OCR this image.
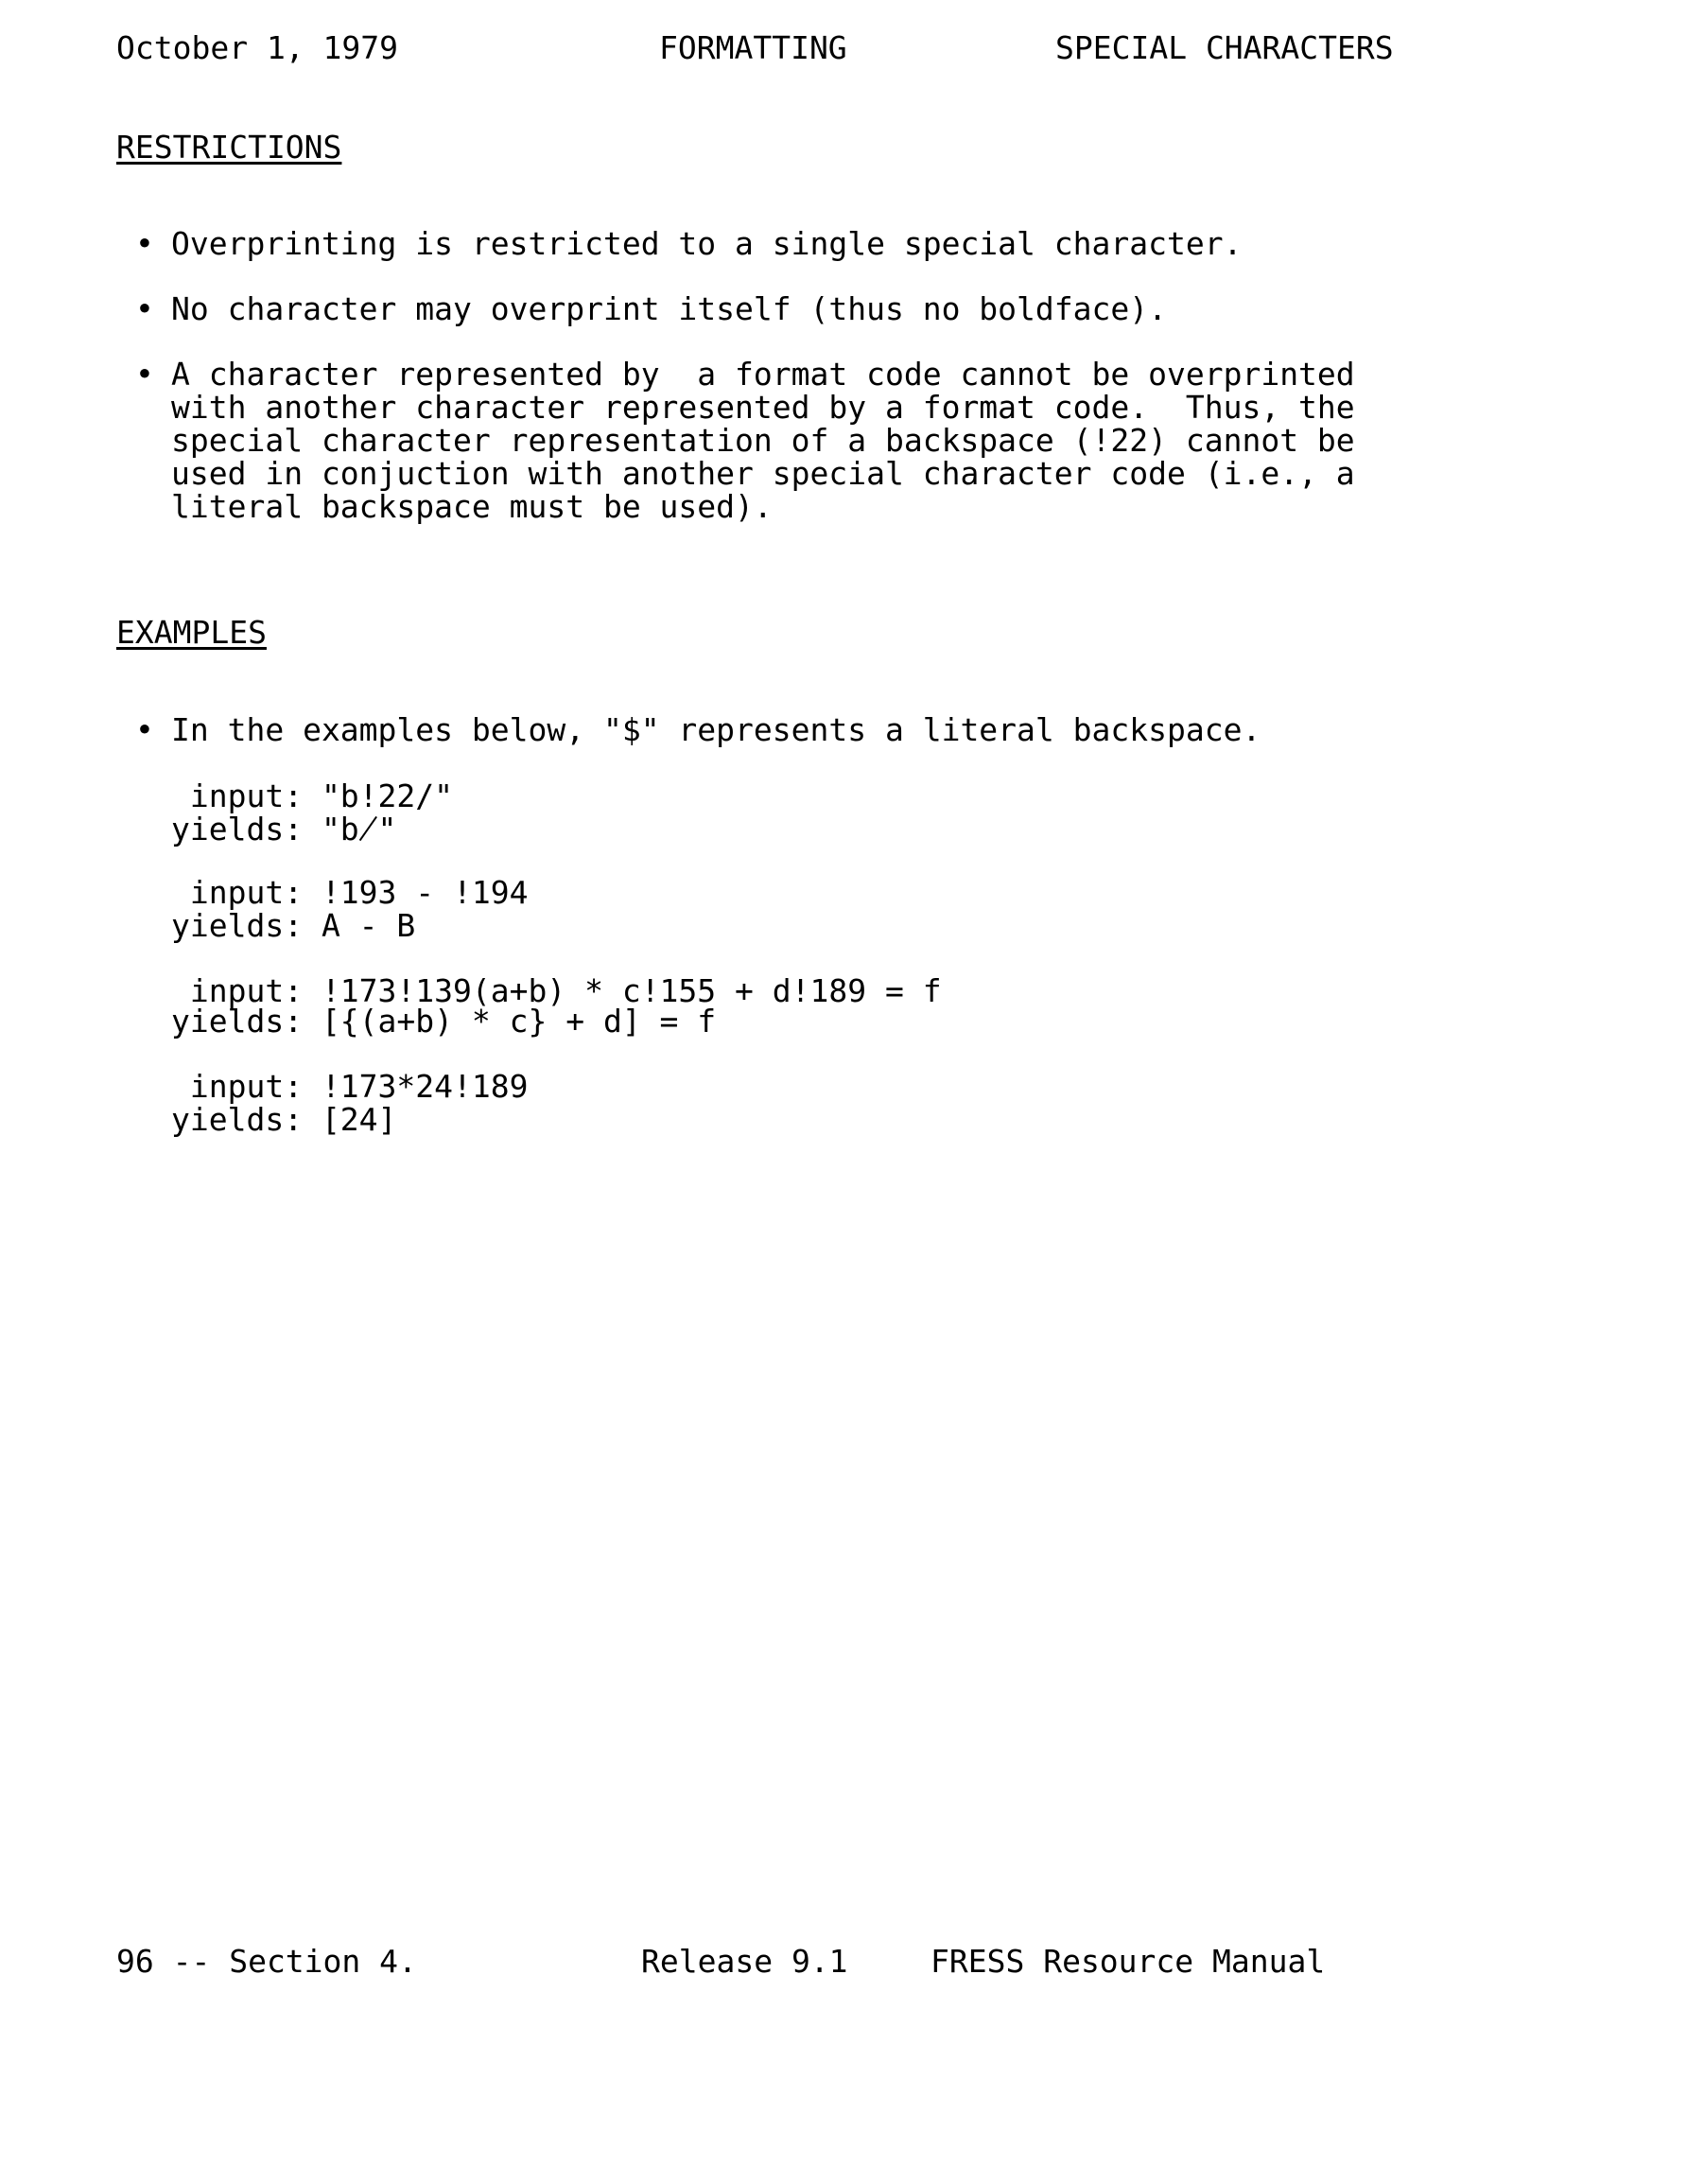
October 1, 1979	FORMATTING	SPECIAL CHARACTERS
RESTRICTIONS
• Overprinting is restricted to a single special character.
• No character may overprint itself (thus no boldface).
• A character represented by  a format code cannot be overprinted
with another character represented by a format code.  Thus, the
special character representation of a backspace (!22) cannot be
used in conjuction with another special character code (i.e., a
literal backspace must be used).
EXAMPLES
• In the examples below, "$" represents a literal backspace.
input: "b!22/"
yields: "b̸"
input: !193 - !194
yields: A - B
input: !173!139(a+b) * c!155 + d!189 = f
yields: [{(a+b) * c} + d] = f
input: !173*24!189
yields: [24]
96 -- Section 4.	Release 9.1	FRESS Resource Manual
